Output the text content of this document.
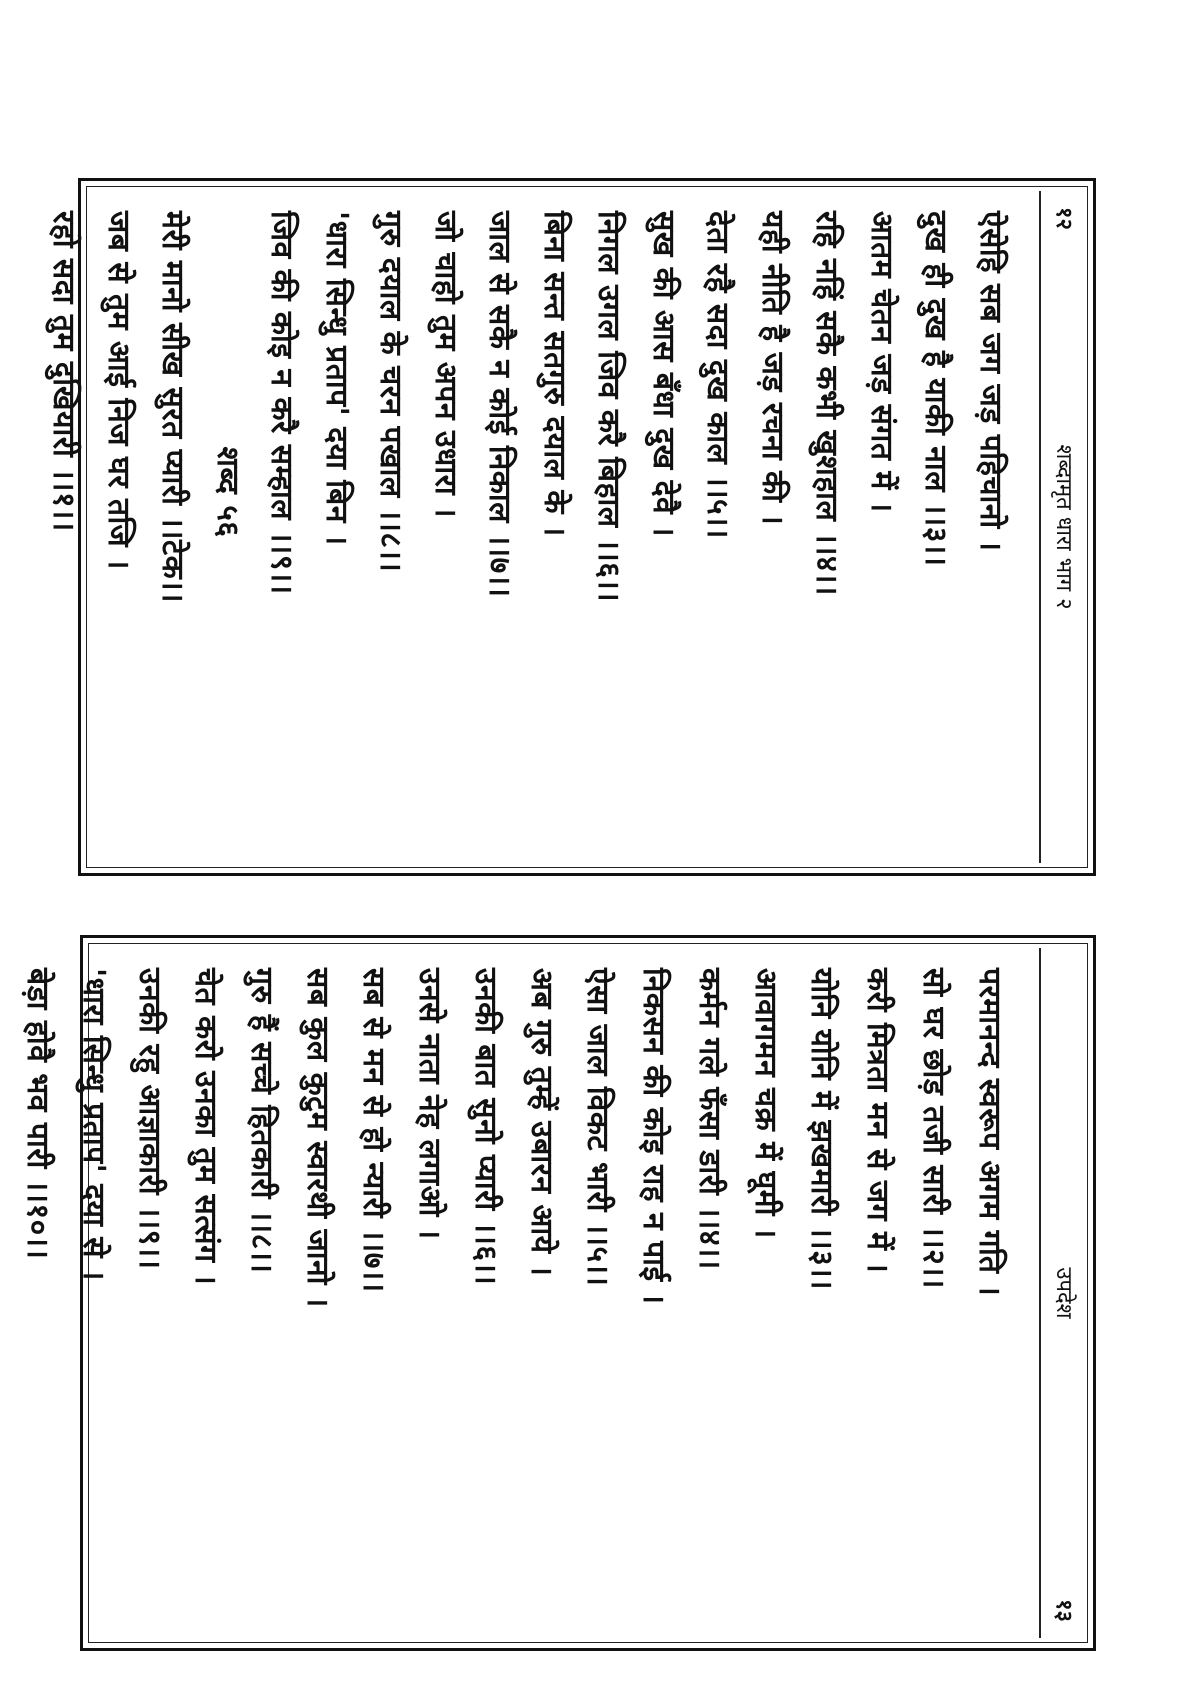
१२
शब्दामृत धारा भाग २
ऐसेहि सब जग जड़ पहिचानो ।
दुख ही दुख है याकी नाल ।।३।।
आतम चेतन जड़ संगत में ।
रहि नहिं सकै कभी खुशहाल ।।४।।
यही नीति है जड़ रचना की ।
देता रहै सदा दुख काल ।।५।।
सुख की आस बँधा दुख देवै ।
निगल उगल जिव करै बिहाल ।।६।।
बिना सन्त सतगुरु दयाल के ।
जाल से सकै न कोई निकाल ।।७।।
जो चाहो तुम अपन उधारा ।
गुरु दयाल के चरन पखाल ।।८।।
'धारा सिन्धु प्रताप' दया बिन ।
जिव की कोइ न करै सम्हाल ।।९।।
शब्द ५६
मेरी मानो सीख सुरत प्यारी ।।टेक।।
जब से तुम आई निज घर तजि ।
रहो सदा तुम दुखियारी ।।१।।
उपदेश
१३
परमानन्द स्वरूप अगम गति ।
सो घर छोड़ तजी सारी ।।२।।
करी मित्रता मन से जग में ।
योनि योनि में झखमारी ।।३।।
आवागमन चक्र में घूमी ।
कर्मन गले फँसा डारी ।।४।।
निकसन की कोइ राह न पाई ।
ऐसा जाल विकट भारी ।।५।।
अब गुरु तुम्हें उबारन आये ।
उनकी बात सुनो प्यारी ।।६।।
उनसे नाता नेह लगाओ ।
सब से मन से हो न्यारी ।।७।।
सब कुल कुटुम स्वारथी जानो ।
गुरु हैं सच्चे हितकारी ।।८।।
चेत करो उनका तुम सत्संग ।
उनकी रहु आज्ञाकारी ।।९।।
'धारा सिन्धु प्रताप' दया से ।
बेड़ा होवै भव पारी ।।१०।।
